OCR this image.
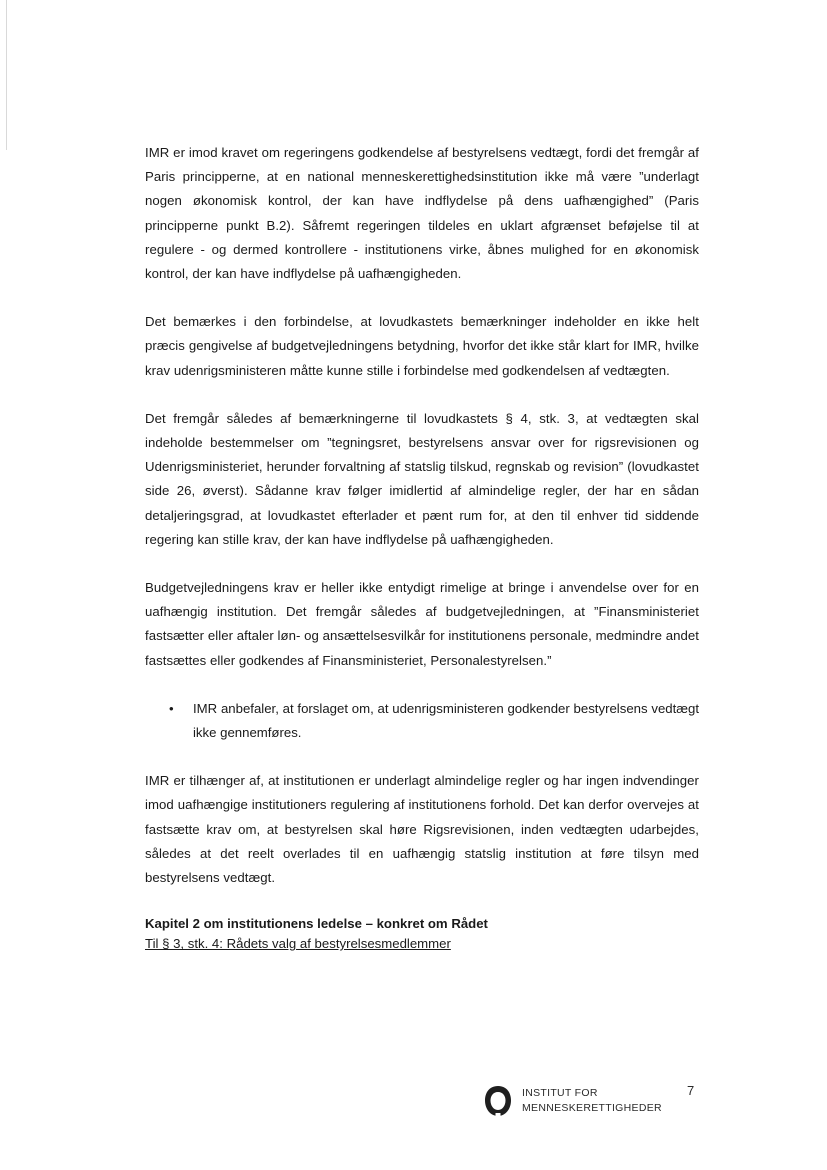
IMR er imod kravet om regeringens godkendelse af bestyrelsens vedtægt, fordi det fremgår af Paris principperne, at en national menneskerettighedsinstitution ikke må være ”underlagt nogen økonomisk kontrol, der kan have indflydelse på dens uafhængighed” (Paris principperne punkt B.2). Såfremt regeringen tildeles en uklart afgrænset beføjelse til at regulere - og dermed kontrollere - institutionens virke, åbnes mulighed for en økonomisk kontrol, der kan have indflydelse på uafhængigheden.

Det bemærkes i den forbindelse, at lovudkastets bemærkninger indeholder en ikke helt præcis gengivelse af budgetvejledningens betydning, hvorfor det ikke står klart for IMR, hvilke krav udenrigsministeren måtte kunne stille i forbindelse med godkendelsen af vedtægten.

Det fremgår således af bemærkningerne til lovudkastets § 4, stk. 3, at vedtægten skal indeholde bestemmelser om ”tegningsret, bestyrelsens ansvar over for rigsrevisionen og Udenrigsministeriet, herunder forvaltning af statslig tilskud, regnskab og revision” (lovudkastet side 26, øverst). Sådanne krav følger imidlertid af almindelige regler, der har en sådan detaljeringsgrad, at lovudkastet efterlader et pænt rum for, at den til enhver tid siddende regering kan stille krav, der kan have indflydelse på uafhængigheden.

Budgetvejledningens krav er heller ikke entydigt rimelige at bringe i anvendelse over for en uafhængig institution. Det fremgår således af budgetvejledningen, at ”Finansministeriet fastsætter eller aftaler løn- og ansættelsesvilkår for institutionens personale, medmindre andet fastsættes eller godkendes af Finansministeriet, Personalestyrelsen.”

• IMR anbefaler, at forslaget om, at udenrigsministeren godkender bestyrelsens vedtægt ikke gennemføres.

IMR er tilhænger af, at institutionen er underlagt almindelige regler og har ingen indvendinger imod uafhængige institutioners regulering af institutionens forhold. Det kan derfor overvejes at fastsætte krav om, at bestyrelsen skal høre Rigsrevisionen, inden vedtægten udarbejdes, således at det reelt overlades til en uafhængig statslig institution at føre tilsyn med bestyrelsens vedtægt.

Kapitel 2 om institutionens ledelse – konkret om Rådet

Til § 3, stk. 4: Rådets valg af bestyrelsesmedlemmer

INSTITUT FOR
MENNESKERETTIGHEDER
7
